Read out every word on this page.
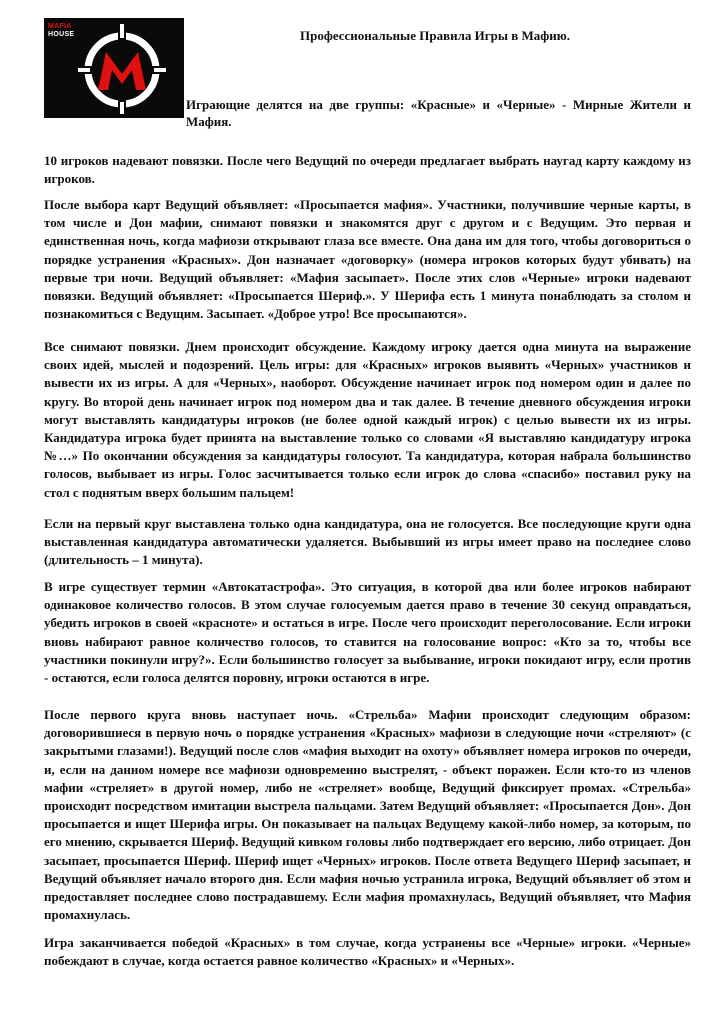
MAFIA
HOUSE	Профессиональные Правила Игры в Мафию.
Играющие делятся на две группы: «Красные» и «Черные» - Мирные Жители и Мафия.
10 игроков надевают повязки. После чего Ведущий по очереди предлагает выбрать наугад карту каждому из игроков.
После выбора карт Ведущий объявляет: «Просыпается мафия». Участники, получившие черные карты, в том числе и Дон мафии, снимают повязки и знакомятся друг с другом и с Ведущим. Это первая и единственная ночь, когда мафиози открывают глаза все вместе. Она дана им для того, чтобы договориться о порядке устранения «Красных». Дон назначает «договорку» (номера игроков которых будут убивать) на первые три ночи. Ведущий объявляет: «Мафия засыпает». После этих слов «Черные» игроки надевают повязки. Ведущий объявляет: «Просыпается Шериф.». У Шерифа есть 1 минута понаблюдать за столом и познакомиться с Ведущим. Засыпает. «Доброе утро! Все просыпаются».
Все снимают повязки. Днем происходит обсуждение. Каждому игроку дается одна минута на выражение своих идей, мыслей и подозрений. Цель игры: для «Красных» игроков выявить «Черных» участников и вывести их из игры. А для «Черных», наоборот. Обсуждение начинает игрок под номером один и далее по кругу. Во второй день начинает игрок под номером два и так далее. В течение дневного обсуждения игроки могут выставлять кандидатуры игроков (не более одной каждый игрок) с целью вывести их из игры. Кандидатура игрока будет принята на выставление только со словами «Я выставляю кандидатуру игрока №…» По окончании обсуждения за кандидатуры голосуют. Та кандидатура, которая набрала большинство голосов, выбывает из игры. Голос засчитывается только если игрок до слова «спасибо» поставил руку на стол с поднятым вверх большим пальцем!
Если на первый круг выставлена только одна кандидатура, она не голосуется. Все последующие круги одна выставленная кандидатура автоматически удаляется. Выбывший из игры имеет право на последнее слово (длительность – 1 минута).
В игре существует термин «Автокатастрофа». Это ситуация, в которой два или более игроков набирают одинаковое количество голосов. В этом случае голосуемым дается право в течение 30 секунд оправдаться, убедить игроков в своей «красноте» и остаться в игре. После чего происходит переголосование. Если игроки вновь набирают равное количество голосов, то ставится на голосование вопрос: «Кто за то, чтобы все участники покинули игру?». Если большинство голосует за выбывание, игроки покидают игру, если против - остаются, если голоса делятся поровну, игроки остаются в игре.
После первого круга вновь наступает ночь. «Стрельба» Мафии происходит следующим образом: договорившиеся в первую ночь о порядке устранения «Красных» мафиози в следующие ночи «стреляют» (с закрытыми глазами!). Ведущий после слов «мафия выходит на охоту» объявляет номера игроков по очереди, и, если на данном номере все мафиози одновременно выстрелят, - объект поражен. Если кто-то из членов мафии «стреляет» в другой номер, либо не «стреляет» вообще, Ведущий фиксирует промах. «Стрельба» происходит посредством имитации выстрела пальцами. Затем Ведущий объявляет: «Просыпается Дон». Дон просыпается и ищет Шерифа игры. Он показывает на пальцах Ведущему какой-либо номер, за которым, по его мнению, скрывается Шериф. Ведущий кивком головы либо подтверждает его версию, либо отрицает. Дон засыпает, просыпается Шериф. Шериф ищет «Черных» игроков. После ответа Ведущего Шериф засыпает, и Ведущий объявляет начало второго дня. Если мафия ночью устранила игрока, Ведущий объявляет об этом и предоставляет последнее слово пострадавшему. Если мафия промахнулась, Ведущий объявляет, что Мафия промахнулась.
Игра заканчивается победой «Красных» в том случае, когда устранены все «Черные» игроки. «Черные» побеждают в случае, когда остается равное количество «Красных» и «Черных».
